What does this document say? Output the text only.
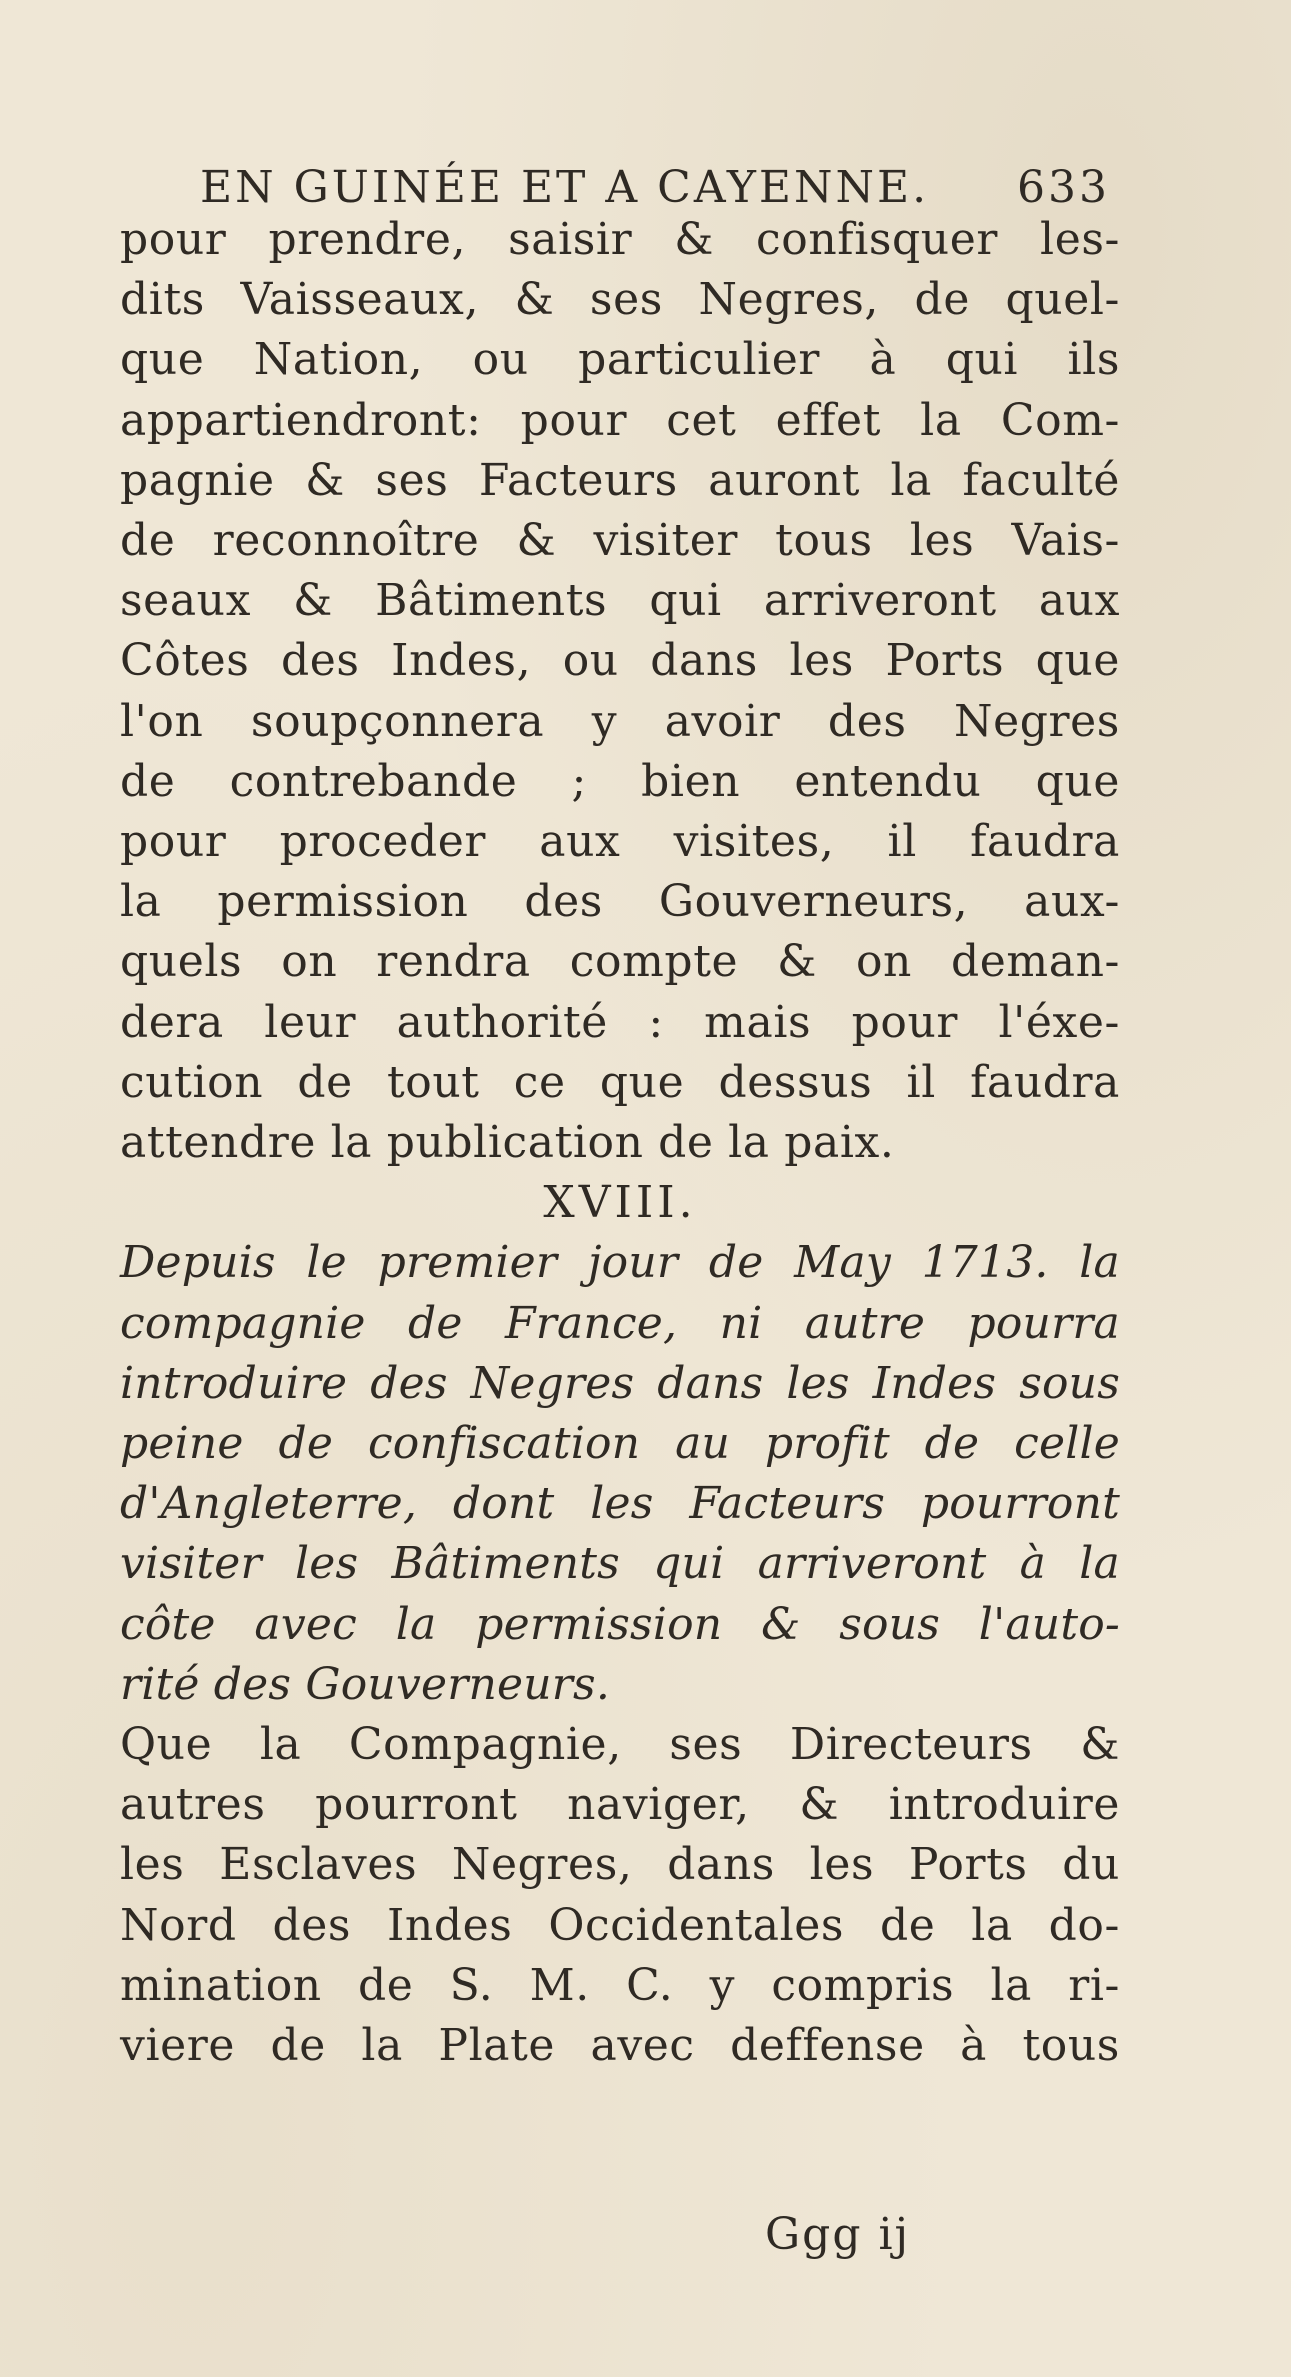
EN GUINÉE ET A CAYENNE. 633
pour prendre, saisir & confisquer les-
dits Vaisseaux, & ses Negres, de quel-
que Nation, ou particulier à qui ils
appartiendront: pour cet effet la Com-
pagnie & ses Facteurs auront la faculté
de reconnoître & visiter tous les Vais-
seaux & Bâtiments qui arriveront aux
Côtes des Indes, ou dans les Ports que
l'on soupçonnera y avoir des Negres
de contrebande ; bien entendu que
pour proceder aux visites, il faudra
la permission des Gouverneurs, aux-
quels on rendra compte & on deman-
dera leur authorité : mais pour l'éxe-
cution de tout ce que dessus il faudra
attendre la publication de la paix.
XVIII.
Depuis le premier jour de May 1713. la
compagnie de France, ni autre pourra
introduire des Negres dans les Indes sous
peine de confiscation au profit de celle
d'Angleterre, dont les Facteurs pourront
visiter les Bâtiments qui arriveront à la
côte avec la permission & sous l'auto-
rité des Gouverneurs.
Que la Compagnie, ses Directeurs &
autres pourront naviger, & introduire
les Esclaves Negres, dans les Ports du
Nord des Indes Occidentales de la do-
mination de S. M. C. y compris la ri-
viere de la Plate avec deffense à tous
Ggg ij
